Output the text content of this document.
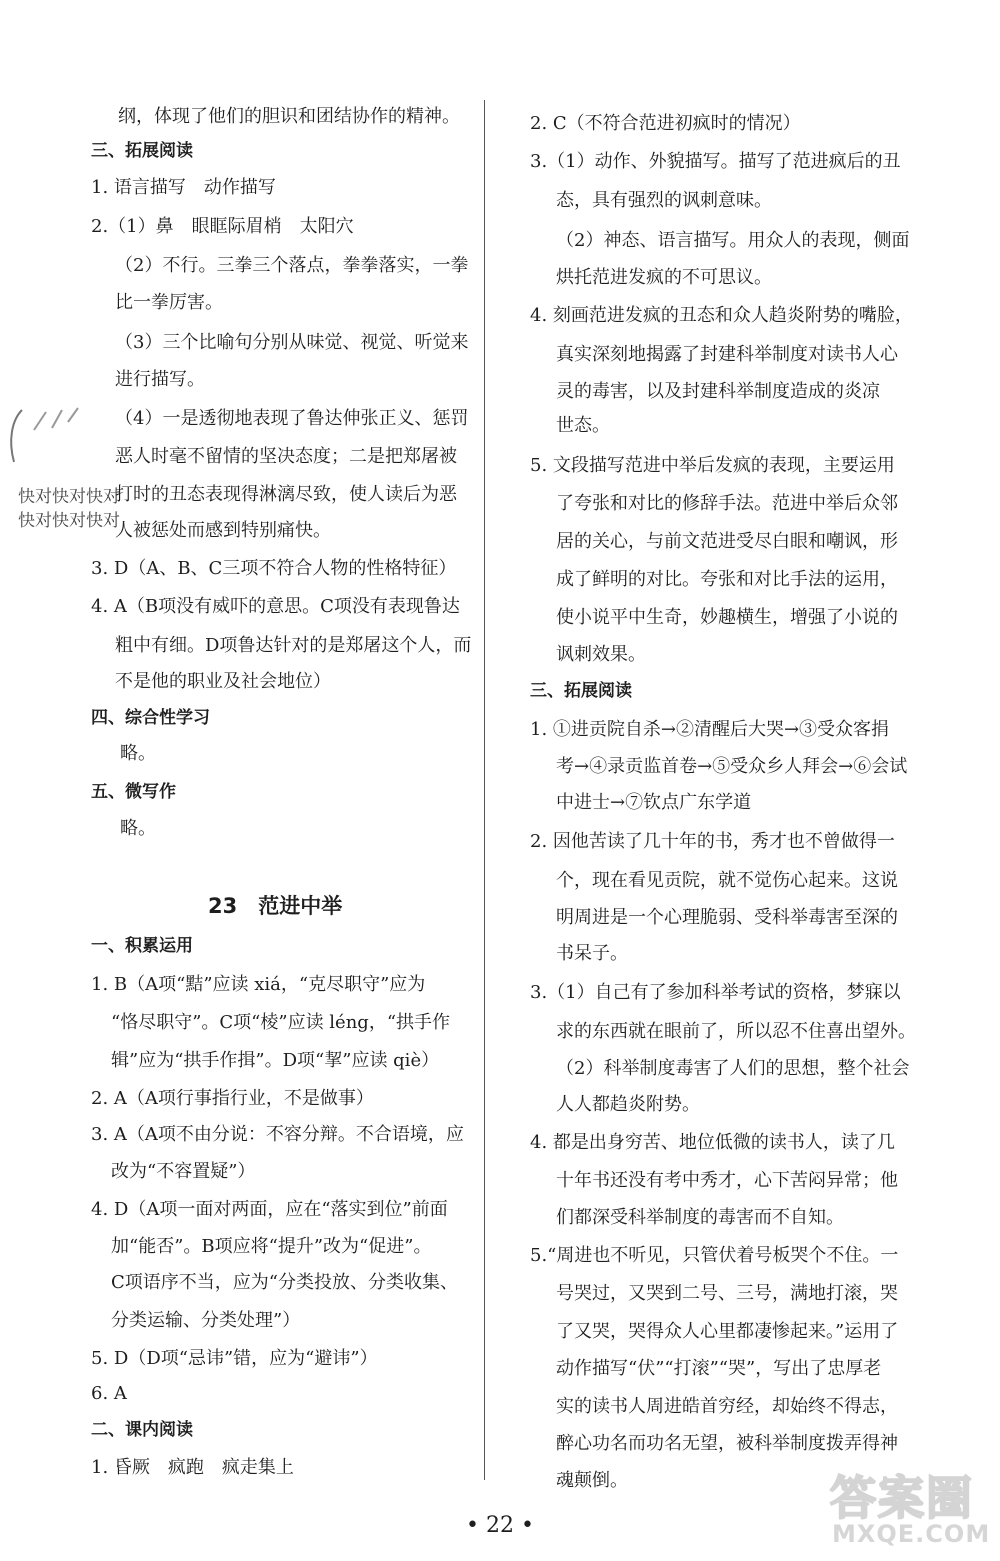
纲，体现了他们的胆识和团结协作的精神。
三、拓展阅读
1. 语言描写　动作描写
2.（1）鼻　眼眶际眉梢　太阳穴
（2）不行。三拳三个落点，拳拳落实，一拳
比一拳厉害。
（3）三个比喻句分别从味觉、视觉、听觉来
进行描写。
（4）一是透彻地表现了鲁达伸张正义、惩罚
恶人时毫不留情的坚决态度；二是把郑屠被
打时的丑态表现得淋漓尽致，使人读后为恶
人被惩处而感到特别痛快。
3. D（A、B、C三项不符合人物的性格特征）
4. A（B项没有威吓的意思。C项没有表现鲁达
粗中有细。D项鲁达针对的是郑屠这个人，而
不是他的职业及社会地位）
四、综合性学习
略。
五、微写作
略。
23　范进中举
一、积累运用
1. B（A项“黠”应读 xiá，“克尽职守”应为
“恪尽职守”。C项“棱”应读 léng，“拱手作
辑”应为“拱手作揖”。D项“挈”应读 qiè）
2. A（A项行事指行业，不是做事）
3. A（A项不由分说：不容分辩。不合语境，应
改为“不容置疑”）
4. D（A项一面对两面，应在“落实到位”前面
加“能否”。B项应将“提升”改为“促进”。
C项语序不当，应为“分类投放、分类收集、
分类运输、分类处理”）
5. D（D项“忌讳”错，应为“避讳”）
6. A
二、课内阅读
1. 昏厥　疯跑　疯走集上
快对快对快对
快对快对快对
2. C（不符合范进初疯时的情况）
3.（1）动作、外貌描写。描写了范进疯后的丑
态，具有强烈的讽刺意味。
（2）神态、语言描写。用众人的表现，侧面
烘托范进发疯的不可思议。
4. 刻画范进发疯的丑态和众人趋炎附势的嘴脸，
真实深刻地揭露了封建科举制度对读书人心
灵的毒害，以及封建科举制度造成的炎凉
世态。
5. 文段描写范进中举后发疯的表现，主要运用
了夸张和对比的修辞手法。范进中举后众邻
居的关心，与前文范进受尽白眼和嘲讽，形
成了鲜明的对比。夸张和对比手法的运用，
使小说平中生奇，妙趣横生，增强了小说的
讽刺效果。
三、拓展阅读
1. ①进贡院自杀→②清醒后大哭→③受众客捐
考→④录贡监首卷→⑤受众乡人拜会→⑥会试
中进士→⑦钦点广东学道
2. 因他苦读了几十年的书，秀才也不曾做得一
个，现在看见贡院，就不觉伤心起来。这说
明周进是一个心理脆弱、受科举毒害至深的
书呆子。
3.（1）自己有了参加科举考试的资格，梦寐以
求的东西就在眼前了，所以忍不住喜出望外。
（2）科举制度毒害了人们的思想，整个社会
人人都趋炎附势。
4. 都是出身穷苦、地位低微的读书人，读了几
十年书还没有考中秀才，心下苦闷异常；他
们都深受科举制度的毒害而不自知。
5.“周进也不听见，只管伏着号板哭个不住。一
号哭过，又哭到二号、三号，满地打滚，哭
了又哭，哭得众人心里都凄惨起来。”运用了
动作描写“伏”“打滚”“哭”，写出了忠厚老
实的读书人周进皓首穷经，却始终不得志，
醉心功名而功名无望，被科举制度拨弄得神
魂颠倒。
• 22 •
答案圈
MXQE.COM
